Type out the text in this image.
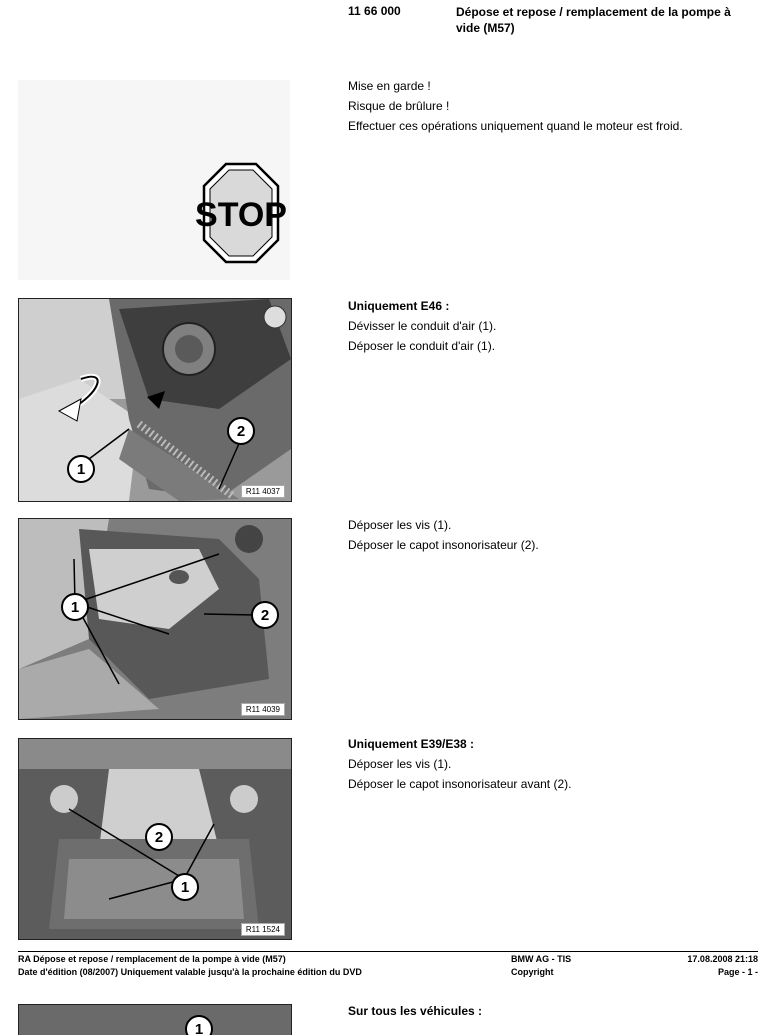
11 66 000	Dépose et repose / remplacement de la pompe à vide (M57)
STOP
Mise en garde !
Risque de brûlure !
Effectuer ces opérations uniquement quand le moteur est froid.
1
2
R11 4037
Uniquement E46 :
Dévisser le conduit d'air (1).
Déposer le conduit d'air (1).
1	2
R11 4039
Déposer les vis (1).
Déposer le capot insonorisateur (2).
2
1
R11 1524
Uniquement E39/E38 :
Déposer les vis (1).
Déposer le capot insonorisateur avant (2).
RA Dépose et repose / remplacement de la pompe à vide (M57)
Date d'édition (08/2007) Uniquement valable jusqu'à la prochaine édition du DVD
BMW AG - TIS
Copyright
17.08.2008 21:18
Page - 1 -
1
Sur tous les véhicules :
